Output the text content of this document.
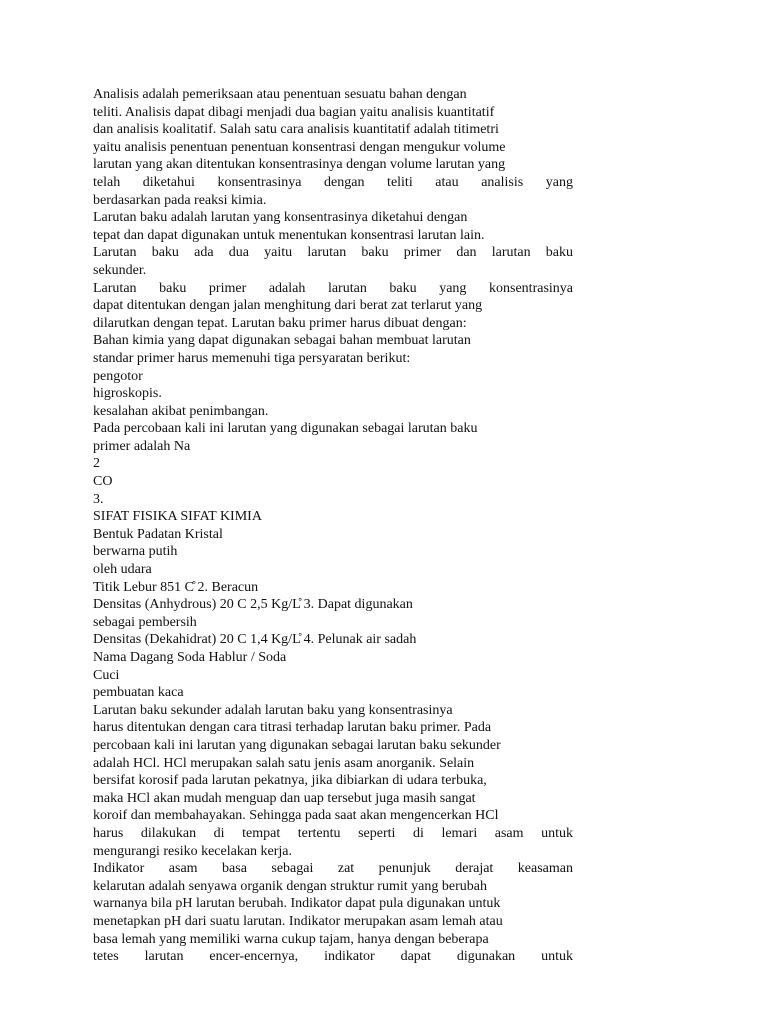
Analisis adalah pemeriksaan atau penentuan sesuatu bahan dengan
teliti. Analisis dapat dibagi menjadi dua bagian yaitu analisis kuantitatif
dan analisis koalitatif. Salah satu cara analisis kuantitatif adalah titimetri
yaitu analisis penentuan penentuan konsentrasi dengan mengukur volume
larutan yang akan ditentukan konsentrasinya dengan volume larutan yang
telah diketahui konsentrasinya dengan teliti atau analisis yang
berdasarkan pada reaksi kimia.
Larutan baku adalah larutan yang konsentrasinya diketahui dengan
tepat dan dapat digunakan untuk menentukan konsentrasi larutan lain.
Larutan baku ada dua yaitu larutan baku primer dan larutan baku
sekunder.
Larutan baku primer adalah larutan baku yang konsentrasinya
dapat ditentukan dengan jalan menghitung dari berat zat terlarut yang
dilarutkan dengan tepat. Larutan baku primer harus dibuat dengan:
Bahan kimia yang dapat digunakan sebagai bahan membuat larutan
standar primer harus memenuhi tiga persyaratan berikut:
pengotor
higroskopis.
kesalahan akibat penimbangan.
Pada percobaan kali ini larutan yang digunakan sebagai larutan baku
primer adalah Na
2
CO
3.
SIFAT FISIKA SIFAT KIMIA
Bentuk Padatan Kristal
berwarna putih
oleh udara
Titik Lebur 851 C̊ 2. Beracun
Densitas (Anhydrous) 20 C 2,5 Kg/L̊ 3. Dapat digunakan
sebagai pembersih
Densitas (Dekahidrat) 20 C 1,4 Kg/L̊ 4. Pelunak air sadah
Nama Dagang Soda Hablur / Soda
Cuci
pembuatan kaca
Larutan baku sekunder adalah larutan baku yang konsentrasinya
harus ditentukan dengan cara titrasi terhadap larutan baku primer. Pada
percobaan kali ini larutan yang digunakan sebagai larutan baku sekunder
adalah HCl. HCl merupakan salah satu jenis asam anorganik. Selain
bersifat korosif pada larutan pekatnya, jika dibiarkan di udara terbuka,
maka HCl akan mudah menguap dan uap tersebut juga masih sangat
koroif dan membahayakan. Sehingga pada saat akan mengencerkan HCl
harus dilakukan di tempat tertentu seperti di lemari asam untuk
mengurangi resiko kecelakan kerja.
Indikator asam basa sebagai zat penunjuk derajat keasaman
kelarutan adalah senyawa organik dengan struktur rumit yang berubah
warnanya bila pH larutan berubah. Indikator dapat pula digunakan untuk
menetapkan pH dari suatu larutan. Indikator merupakan asam lemah atau
basa lemah yang memiliki warna cukup tajam, hanya dengan beberapa
tetes larutan encer-encernya, indikator dapat digunakan untuk
